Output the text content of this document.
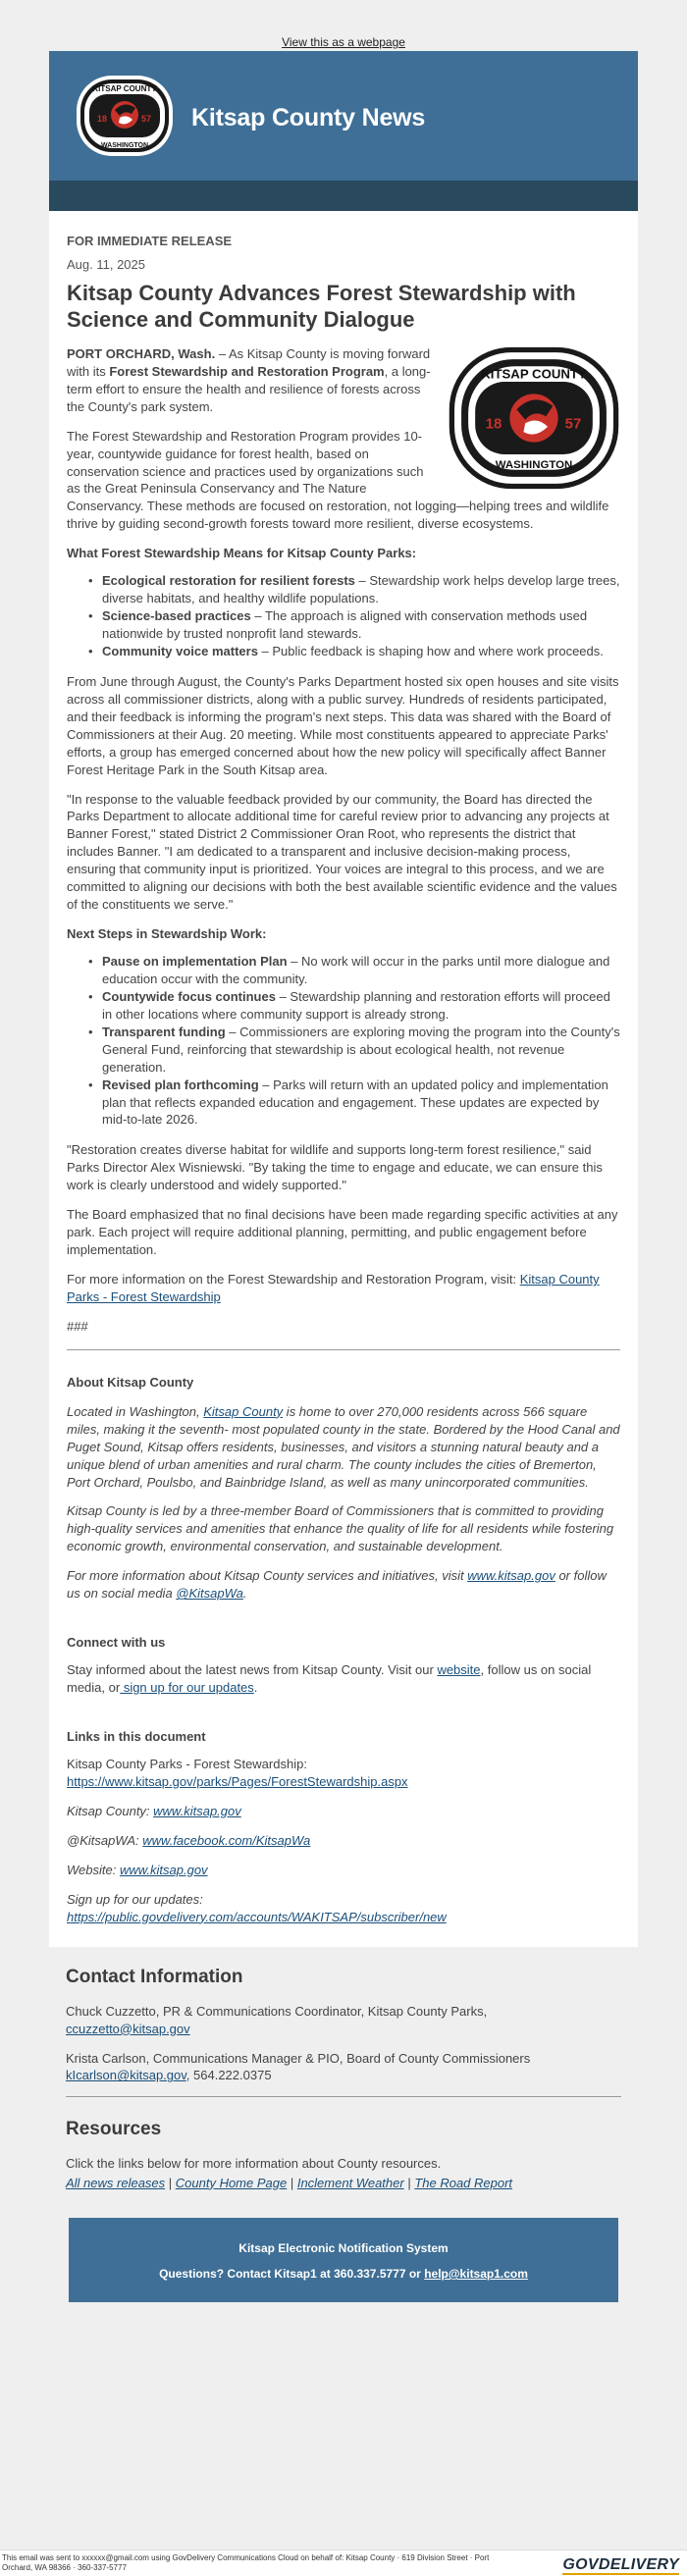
View this as a webpage
KITSAP COUNTY
WASHINGTON
18	57 Kitsap County News
FOR IMMEDIATE RELEASE
Aug. 11, 2025
Kitsap County Advances Forest Stewardship with Science and Community Dialogue
KITSAP COUNTY
WASHINGTON
18	57

PORT ORCHARD, Wash. – As Kitsap County is moving forward with its Forest Stewardship and Restoration Program, a long-term effort to ensure the health and resilience of forests across the County's park system.

The Forest Stewardship and Restoration Program provides 10-year, countywide guidance for forest health, based on conservation science and practices used by organizations such as the Great Peninsula Conservancy and The Nature Conservancy. These methods are focused on restoration, not logging—helping trees and wildlife thrive by guiding second-growth forests toward more resilient, diverse ecosystems.

What Forest Stewardship Means for Kitsap County Parks:
• Ecological restoration for resilient forests – Stewardship work helps develop large trees, diverse habitats, and healthy wildlife populations.
• Science-based practices – The approach is aligned with conservation methods used nationwide by trusted nonprofit land stewards.
• Community voice matters – Public feedback is shaping how and where work proceeds.

From June through August, the County's Parks Department hosted six open houses and site visits across all commissioner districts, along with a public survey. Hundreds of residents participated, and their feedback is informing the program's next steps. This data was shared with the Board of Commissioners at their Aug. 20 meeting. While most constituents appeared to appreciate Parks' efforts, a group has emerged concerned about how the new policy will specifically affect Banner Forest Heritage Park in the South Kitsap area.

"In response to the valuable feedback provided by our community, the Board has directed the Parks Department to allocate additional time for careful review prior to advancing any projects at Banner Forest," stated District 2 Commissioner Oran Root, who represents the district that includes Banner. "I am dedicated to a transparent and inclusive decision-making process, ensuring that community input is prioritized. Your voices are integral to this process, and we are committed to aligning our decisions with both the best available scientific evidence and the values of the constituents we serve."

Next Steps in Stewardship Work:
• Pause on implementation Plan – No work will occur in the parks until more dialogue and education occur with the community.
• Countywide focus continues – Stewardship planning and restoration efforts will proceed in other locations where community support is already strong.
• Transparent funding – Commissioners are exploring moving the program into the County's General Fund, reinforcing that stewardship is about ecological health, not revenue generation.
• Revised plan forthcoming – Parks will return with an updated policy and implementation plan that reflects expanded education and engagement. These updates are expected by mid-to-late 2026.

"Restoration creates diverse habitat for wildlife and supports long-term forest resilience," said Parks Director Alex Wisniewski. "By taking the time to engage and educate, we can ensure this work is clearly understood and widely supported."

The Board emphasized that no final decisions have been made regarding specific activities at any park. Each project will require additional planning, permitting, and public engagement before implementation.

For more information on the Forest Stewardship and Restoration Program, visit: Kitsap County Parks - Forest Stewardship

###

About Kitsap County

Located in Washington, Kitsap County is home to over 270,000 residents across 566 square miles, making it the seventh- most populated county in the state. Bordered by the Hood Canal and Puget Sound, Kitsap offers residents, businesses, and visitors a stunning natural beauty and a unique blend of urban amenities and rural charm. The county includes the cities of Bremerton, Port Orchard, Poulsbo, and Bainbridge Island, as well as many unincorporated communities.

Kitsap County is led by a three-member Board of Commissioners that is committed to providing high-quality services and amenities that enhance the quality of life for all residents while fostering economic growth, environmental conservation, and sustainable development.

For more information about Kitsap County services and initiatives, visit www.kitsap.gov or follow us on social media @KitsapWa.

Connect with us

Stay informed about the latest news from Kitsap County. Visit our website, follow us on social media, or sign up for our updates.

Links in this document

Kitsap County Parks - Forest Stewardship:
https://www.kitsap.gov/parks/Pages/ForestStewardship.aspx

Kitsap County: www.kitsap.gov

@KitsapWA: www.facebook.com/KitsapWa

Website: www.kitsap.gov

Sign up for our updates:
https://public.govdelivery.com/accounts/WAKITSAP/subscriber/new

Contact Information

Chuck Cuzzetto, PR & Communications Coordinator, Kitsap County Parks,
ccuzzetto@kitsap.gov

Krista Carlson, Communications Manager & PIO, Board of County Commissioners
kIcarlson@kitsap.gov, 564.222.0375

Resources

Click the links below for more information about County resources.

All news releases | County Home Page | Inclement Weather | The Road Report

Kitsap Electronic Notification System
Questions? Contact Kitsap1 at 360.337.5777 or help@kitsap1.com
This email was sent to xxxxxx@gmail.com using GovDelivery Communications Cloud on behalf of: Kitsap County · 619 Division Street · Port Orchard, WA 98366 · 360-337-5777	GOVDELIVERY
